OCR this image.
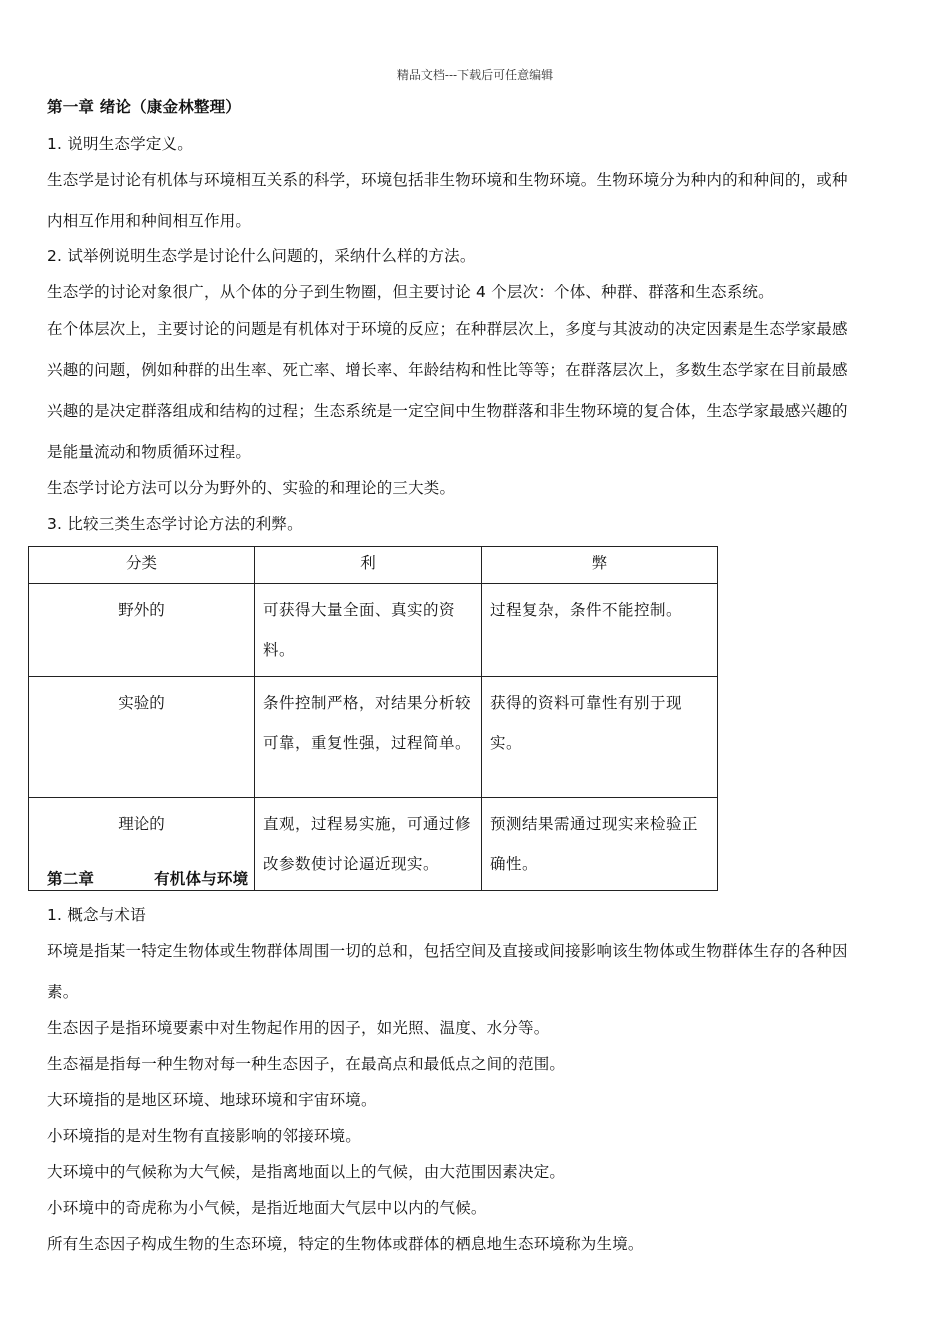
精品文档---下载后可任意编辑
第一章 绪论（康金林整理）
1. 说明生态学定义。
生态学是讨论有机体与环境相互关系的科学，环境包括非生物环境和生物环境。生物环境分为种内的和种间的，或种
内相互作用和种间相互作用。
2. 试举例说明生态学是讨论什么问题的，采纳什么样的方法。
生态学的讨论对象很广，从个体的分子到生物圈，但主要讨论 4 个层次：个体、种群、群落和生态系统。
在个体层次上，主要讨论的问题是有机体对于环境的反应；在种群层次上，多度与其波动的决定因素是生态学家最感
兴趣的问题，例如种群的出生率、死亡率、增长率、年龄结构和性比等等；在群落层次上，多数生态学家在目前最感
兴趣的是决定群落组成和结构的过程；生态系统是一定空间中生物群落和非生物环境的复合体，生态学家最感兴趣的
是能量流动和物质循环过程。
生态学讨论方法可以分为野外的、实验的和理论的三大类。
3. 比较三类生态学讨论方法的利弊。
分类	利	弊
野外的	可获得大量全面、真实的资料。	过程复杂，条件不能控制。
实验的	条件控制严格，对结果分析较可靠，重复性强，过程简单。	获得的资料可靠性有别于现实。
理论的	直观，过程易实施，可通过修改参数使讨论逼近现实。	预测结果需通过现实来检验正确性。
第二章	有机体与环境
1. 概念与术语
环境是指某一特定生物体或生物群体周围一切的总和，包括空间及直接或间接影响该生物体或生物群体生存的各种因
素。
生态因子是指环境要素中对生物起作用的因子，如光照、温度、水分等。
生态福是指每一种生物对每一种生态因子，在最高点和最低点之间的范围。
大环境指的是地区环境、地球环境和宇宙环境。
小环境指的是对生物有直接影响的邻接环境。
大环境中的气候称为大气候，是指离地面以上的气候，由大范围因素决定。
小环境中的奇虎称为小气候，是指近地面大气层中以内的气候。
所有生态因子构成生物的生态环境，特定的生物体或群体的栖息地生态环境称为生境。
